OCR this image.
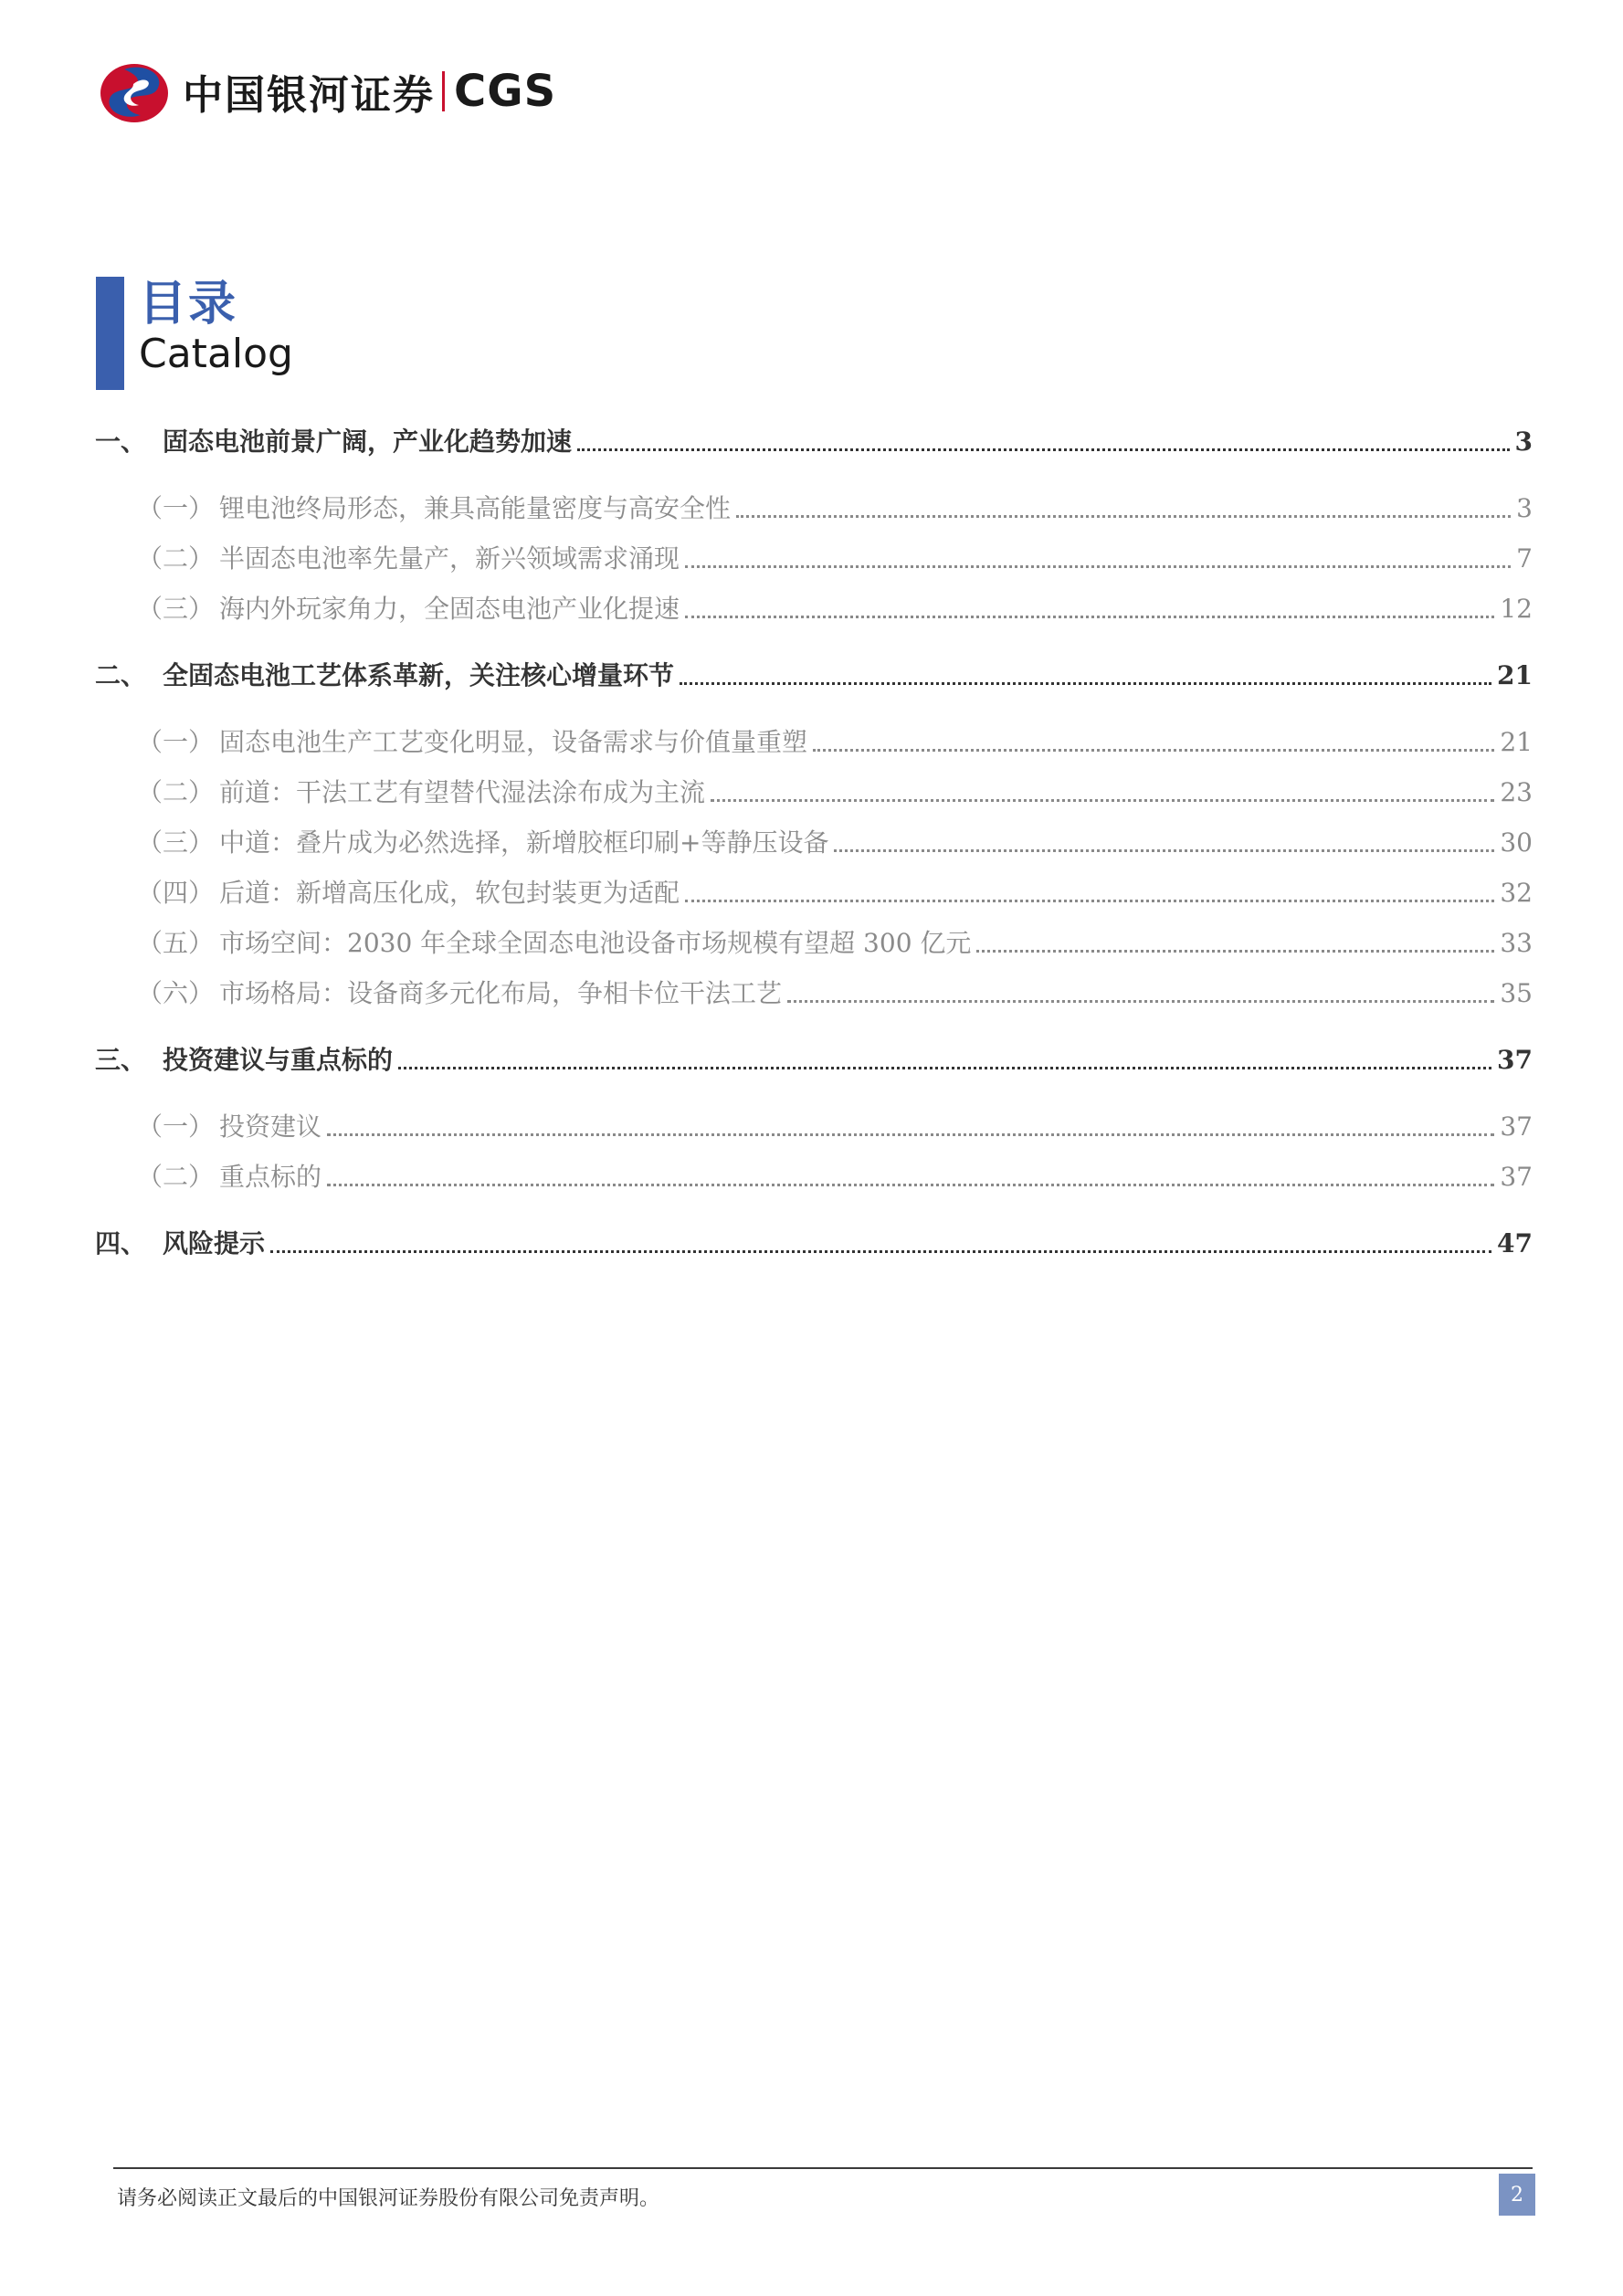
中国银河证券 CGS
目录
Catalog
一、 固态电池前景广阔，产业化趋势加速	3
（一） 锂电池终局形态，兼具高能量密度与高安全性	3
（二） 半固态电池率先量产，新兴领域需求涌现	7
（三） 海内外玩家角力，全固态电池产业化提速	12
二、 全固态电池工艺体系革新，关注核心增量环节	21
（一） 固态电池生产工艺变化明显，设备需求与价值量重塑	21
（二） 前道：干法工艺有望替代湿法涂布成为主流	23
（三） 中道：叠片成为必然选择，新增胶框印刷+等静压设备	30
（四） 后道：新增高压化成，软包封装更为适配	32
（五） 市场空间：2030 年全球全固态电池设备市场规模有望超 300 亿元	33
（六） 市场格局：设备商多元化布局，争相卡位干法工艺	35
三、 投资建议与重点标的	37
（一） 投资建议	37
（二） 重点标的	37
四、 风险提示	47
请务必阅读正文最后的中国银河证券股份有限公司免责声明。	2
